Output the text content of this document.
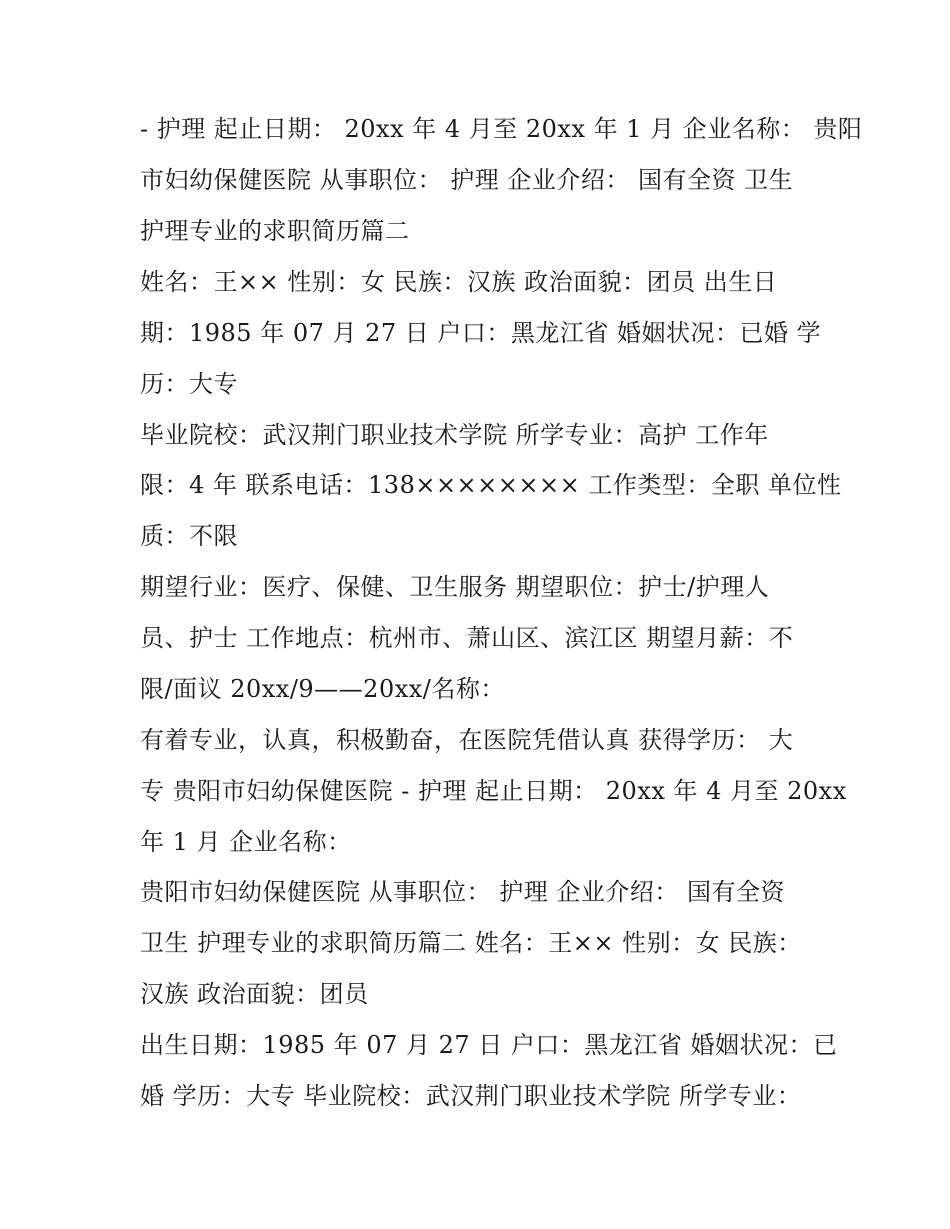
- 护理 起止日期： 20xx 年 4 月至 20xx 年 1 月 企业名称： 贵阳
市妇幼保健医院 从事职位： 护理 企业介绍： 国有全资 卫生
护理专业的求职简历篇二
姓名：王×× 性别：女 民族：汉族 政治面貌：团员 出生日
期：1985 年 07 月 27 日 户口：黑龙江省 婚姻状况：已婚 学
历：大专
毕业院校：武汉荆门职业技术学院 所学专业：高护 工作年
限：4 年 联系电话：138×××××××× 工作类型：全职 单位性
质：不限
期望行业：医疗、保健、卫生服务 期望职位：护士/护理人
员、护士 工作地点：杭州市、萧山区、滨江区 期望月薪：不
限/面议 20xx/9——20xx/名称：
有着专业，认真，积极勤奋，在医院凭借认真 获得学历： 大
专 贵阳市妇幼保健医院 - 护理 起止日期： 20xx 年 4 月至 20xx
年 1 月 企业名称：
贵阳市妇幼保健医院 从事职位： 护理 企业介绍： 国有全资
卫生 护理专业的求职简历篇二 姓名：王×× 性别：女 民族：
汉族 政治面貌：团员
出生日期：1985 年 07 月 27 日 户口：黑龙江省 婚姻状况：已
婚 学历：大专 毕业院校：武汉荆门职业技术学院 所学专业：
